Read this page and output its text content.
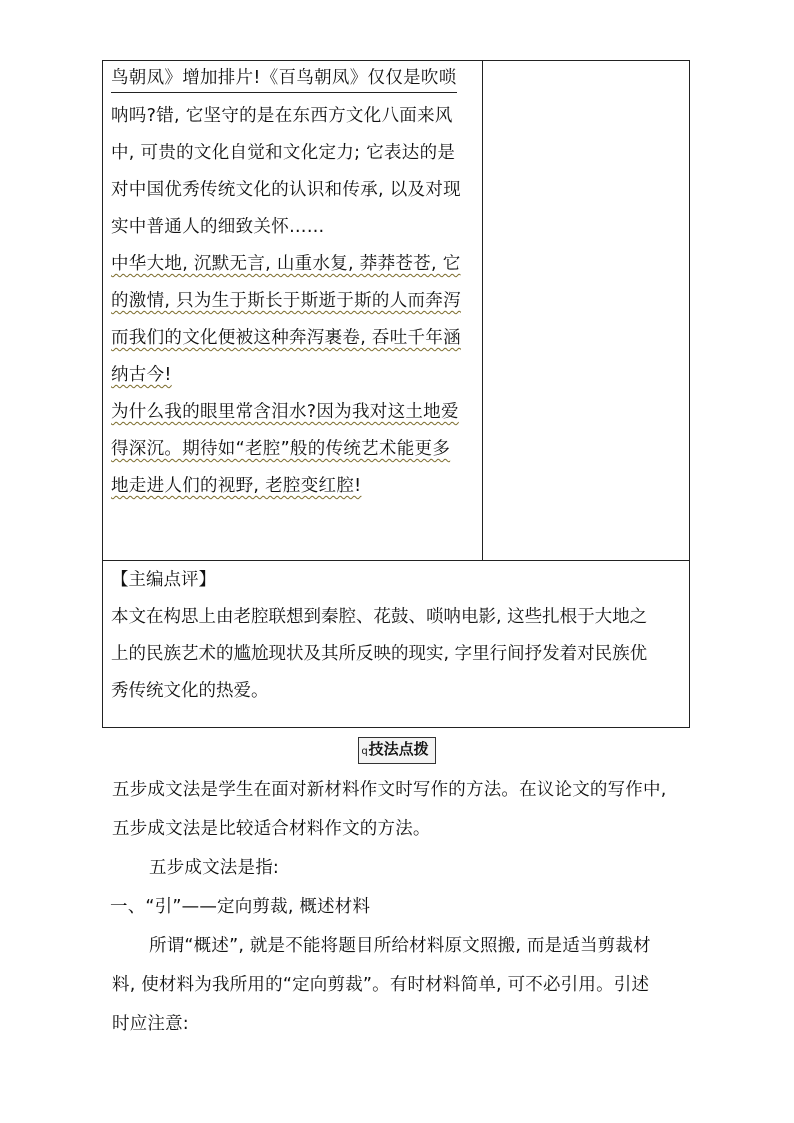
鸟朝凤》增加排片!《百鸟朝凤》仅仅是吹唢
呐吗?错, 它坚守的是在东西方文化八面来风
中, 可贵的文化自觉和文化定力; 它表达的是
对中国优秀传统文化的认识和传承, 以及对现
实中普通人的细致关怀……
中华大地, 沉默无言, 山重水复, 莽莽苍苍, 它
的激情, 只为生于斯长于斯逝于斯的人而奔泻
而我们的文化便被这种奔泻裹卷, 吞吐千年涵
纳古今!
为什么我的眼里常含泪水?因为我对这土地爱
得深沉。期待如“老腔”般的传统艺术能更多
地走进人们的视野, 老腔变红腔!
【主编点评】
本文在构思上由老腔联想到秦腔、花鼓、唢呐电影, 这些扎根于大地之
上的民族艺术的尴尬现状及其所反映的现实, 字里行间抒发着对民族优
秀传统文化的热爱。
q技法点拨
五步成文法是学生在面对新材料作文时写作的方法。在议论文的写作中,
五步成文法是比较适合材料作文的方法。
五步成文法是指:
一、“引”——定向剪裁, 概述材料
所谓“概述”, 就是不能将题目所给材料原文照搬, 而是适当剪裁材
料, 使材料为我所用的“定向剪裁”。有时材料简单, 可不必引用。引述
时应注意:
